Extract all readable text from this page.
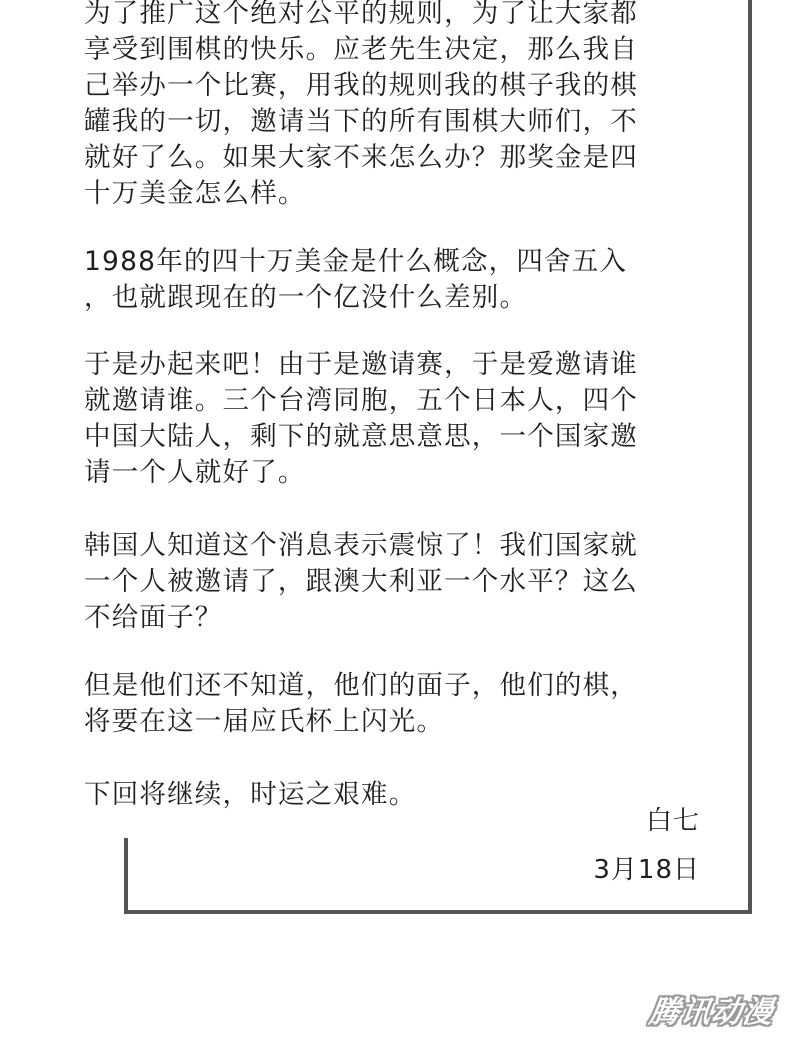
为了推广这个绝对公平的规则，为了让大家都
享受到围棋的快乐。应老先生决定，那么我自
己举办一个比赛，用我的规则我的棋子我的棋
罐我的一切，邀请当下的所有围棋大师们，不
就好了么。如果大家不来怎么办？那奖金是四
十万美金怎么样。
1988年的四十万美金是什么概念，四舍五入
，也就跟现在的一个亿没什么差别。
于是办起来吧！由于是邀请赛，于是爱邀请谁
就邀请谁。三个台湾同胞，五个日本人，四个
中国大陆人，剩下的就意思意思，一个国家邀
请一个人就好了。
韩国人知道这个消息表示震惊了！我们国家就
一个人被邀请了，跟澳大利亚一个水平？这么
不给面子？
但是他们还不知道，他们的面子，他们的棋，
将要在这一届应氏杯上闪光。
下回将继续，时运之艰难。
白七
3月18日
腾讯动漫
